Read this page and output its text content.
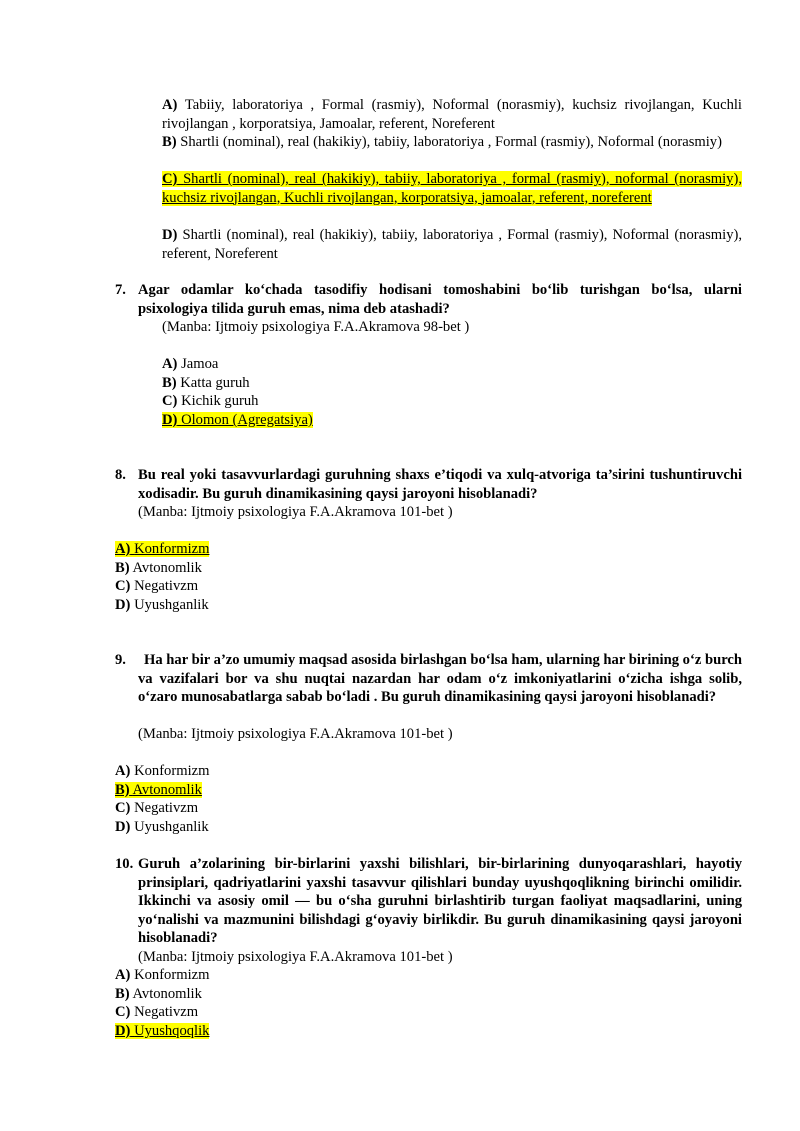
A) Tabiiy, laboratoriya , Formal (rasmiy), Noformal (norasmiy), kuchsiz rivojlangan, Kuchli rivojlangan , korporatsiya, Jamoalar, referent, Noreferent
B) Shartli (nominal), real (hakikiy), tabiiy, laboratoriya , Formal (rasmiy), Noformal (norasmiy)
C) Shartli (nominal), real (hakikiy), tabiiy, laboratoriya , formal (rasmiy), noformal (norasmiy), kuchsiz rivojlangan, Kuchli rivojlangan, korporatsiya, jamoalar, referent, noreferent
D) Shartli (nominal), real (hakikiy), tabiiy, laboratoriya , Formal (rasmiy), Noformal (norasmiy), referent, Noreferent
7. Agar odamlar ko‘chada tasodifiy hodisani tomoshabini bo‘lib turishgan bo‘lsa, ularni psixologiya tilida guruh emas, nima deb atashadi?
(Manba: Ijtmoiy psixologiya F.A.Akramova 98-bet )
A) Jamoa
B) Katta guruh
C) Kichik guruh
D) Olomon (Agregatsiya)
8. Bu real yoki tasavvurlardagi guruhning shaxs e’tiqodi va xulq-atvoriga ta’sirini tushuntiruvchi xodisadir. Bu guruh dinamikasining qaysi jaroyoni hisoblanadi?
(Manba: Ijtmoiy psixologiya F.A.Akramova 101-bet )
A) Konformizm
B) Avtonomlik
C) Negativzm
D) Uyushganlik
9.	Ha har bir a’zo umumiy maqsad asosida birlashgan bo‘lsa ham, ularning har birining o‘z burch va vazifalari bor va shu nuqtai nazardan har odam o‘z imkoniyatlarini o‘zicha ishga solib, o‘zaro munosabatlarga sabab bo‘ladi . Bu guruh dinamikasining qaysi jaroyoni hisoblanadi?
(Manba: Ijtmoiy psixologiya F.A.Akramova 101-bet )
A) Konformizm
B) Avtonomlik
C) Negativzm
D) Uyushganlik
10. Guruh a’zolarining bir-birlarini yaxshi bilishlari, bir-birlarining dunyoqarashlari, hayotiy prinsiplari, qadriyatlarini yaxshi tasavvur qilishlari bunday uyushqoqlikning birinchi omilidir. Ikkinchi va asosiy omil — bu o‘sha guruhni birlashtirib turgan faoliyat maqsadlarini, uning yo‘nalishi va mazmunini bilishdagi g‘oyaviy birlikdir. Bu guruh dinamikasining qaysi jaroyoni hisoblanadi?
(Manba: Ijtmoiy psixologiya F.A.Akramova 101-bet )
A) Konformizm
B) Avtonomlik
C) Negativzm
D) Uyushqoqlik
